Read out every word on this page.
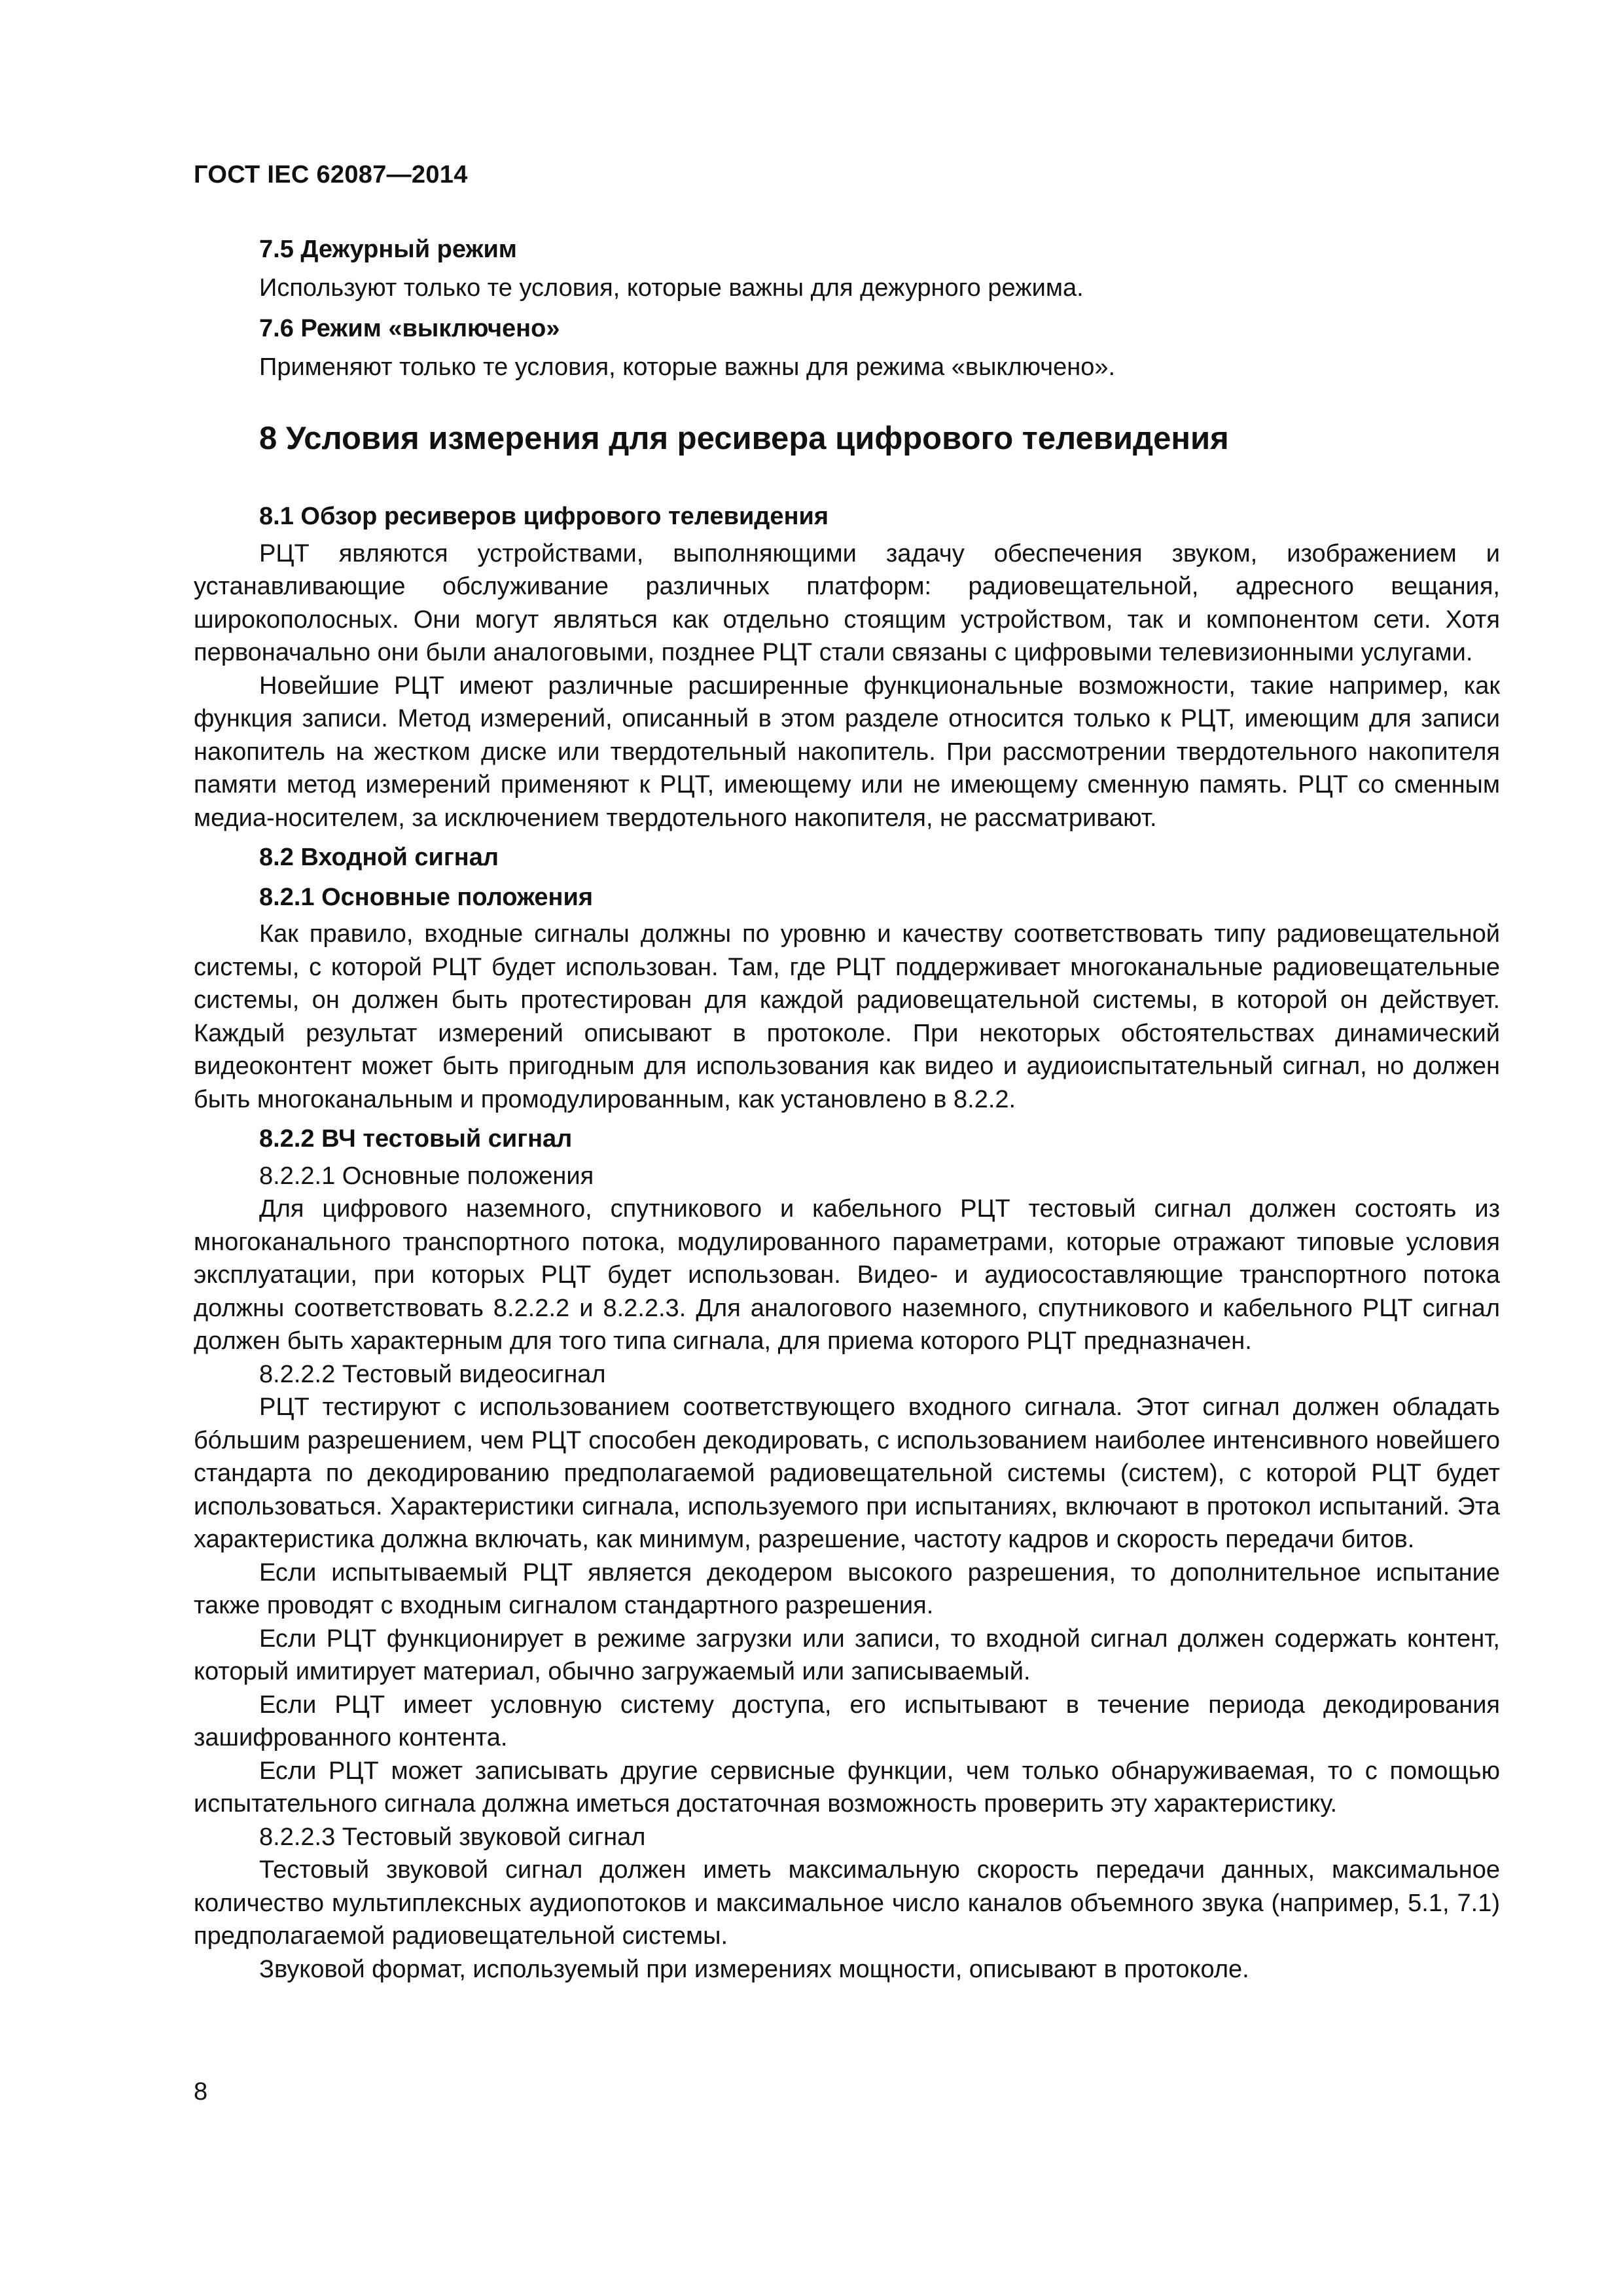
ГОСТ IEC 62087—2014
7.5 Дежурный режим

Используют только те условия, которые важны для дежурного режима.

7.6 Режим «выключено»

Применяют только те условия, которые важны для режима «выключено».

8 Условия измерения для ресивера цифрового телевидения
8.1 Обзор ресиверов цифрового телевидения

РЦТ являются устройствами, выполняющими задачу обеспечения звуком, изображением и устанавливающие обслуживание различных платформ: радиовещательной, адресного вещания, широкополосных. Они могут являться как отдельно стоящим устройством, так и компонентом сети. Хотя первоначально они были аналоговыми, позднее РЦТ стали связаны с цифровыми телевизионными услугами.

Новейшие РЦТ имеют различные расширенные функциональные возможности, такие например, как функция записи. Метод измерений, описанный в этом разделе относится только к РЦТ, имеющим для записи накопитель на жестком диске или твердотельный накопитель. При рассмотрении твердотельного накопителя памяти метод измерений применяют к РЦТ, имеющему или не имеющему сменную память. РЦТ со сменным медиа-носителем, за исключением твердотельного накопителя, не рассматривают.

8.2 Входной сигнал
8.2.1 Основные положения

Как правило, входные сигналы должны по уровню и качеству соответствовать типу радиовещательной системы, с которой РЦТ будет использован. Там, где РЦТ поддерживает многоканальные радиовещательные системы, он должен быть протестирован для каждой радиовещательной системы, в которой он действует. Каждый результат измерений описывают в протоколе. При некоторых обстоятельствах динамический видеоконтент может быть пригодным для использования как видео и аудиоиспытательный сигнал, но должен быть многоканальным и промодулированным, как установлено в 8.2.2.

8.2.2 ВЧ тестовый сигнал
8.2.2.1 Основные положения

Для цифрового наземного, спутникового и кабельного РЦТ тестовый сигнал должен состоять из многоканального транспортного потока, модулированного параметрами, которые отражают типовые условия эксплуатации, при которых РЦТ будет использован. Видео- и аудиосоставляющие транспортного потока должны соответствовать 8.2.2.2 и 8.2.2.3. Для аналогового наземного, спутникового и кабельного РЦТ сигнал должен быть характерным для того типа сигнала, для приема которого РЦТ предназначен.

8.2.2.2 Тестовый видеосигнал

РЦТ тестируют с использованием соответствующего входного сигнала. Этот сигнал должен обладать бóльшим разрешением, чем РЦТ способен декодировать, с использованием наиболее интенсивного новейшего стандарта по декодированию предполагаемой радиовещательной системы (систем), с которой РЦТ будет использоваться. Характеристики сигнала, используемого при испытаниях, включают в протокол испытаний. Эта характеристика должна включать, как минимум, разрешение, частоту кадров и скорость передачи битов.

Если испытываемый РЦТ является декодером высокого разрешения, то дополнительное испытание также проводят с входным сигналом стандартного разрешения.

Если РЦТ функционирует в режиме загрузки или записи, то входной сигнал должен содержать контент, который имитирует материал, обычно загружаемый или записываемый.

Если РЦТ имеет условную систему доступа, его испытывают в течение периода декодирования зашифрованного контента.

Если РЦТ может записывать другие сервисные функции, чем только обнаруживаемая, то с помощью испытательного сигнала должна иметься достаточная возможность проверить эту характеристику.

8.2.2.3 Тестовый звуковой сигнал

Тестовый звуковой сигнал должен иметь максимальную скорость передачи данных, максимальное количество мультиплексных аудиопотоков и максимальное число каналов объемного звука (например, 5.1, 7.1) предполагаемой радиовещательной системы.

Звуковой формат, используемый при измерениях мощности, описывают в протоколе.

8
